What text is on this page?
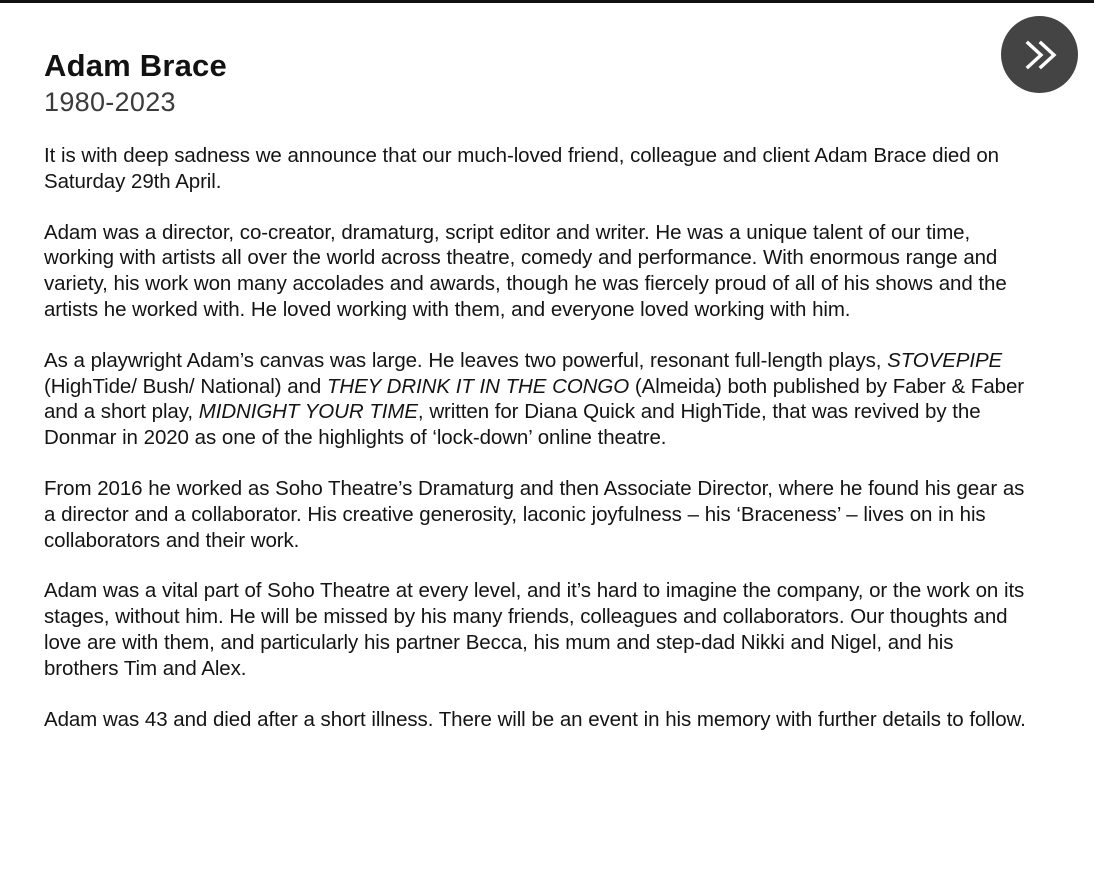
Adam Brace
1980-2023

It is with deep sadness we announce that our much-loved friend, colleague and client Adam Brace died on Saturday 29th April.

Adam was a director, co-creator, dramaturg, script editor and writer. He was a unique talent of our time, working with artists all over the world across theatre, comedy and performance. With enormous range and variety, his work won many accolades and awards, though he was fiercely proud of all of his shows and the artists he worked with. He loved working with them, and everyone loved working with him.

As a playwright Adam’s canvas was large. He leaves two powerful, resonant full-length plays, STOVEPIPE (HighTide/ Bush/ National) and THEY DRINK IT IN THE CONGO (Almeida) both published by Faber & Faber and a short play, MIDNIGHT YOUR TIME, written for Diana Quick and HighTide, that was revived by the Donmar in 2020 as one of the highlights of ‘lock-down’ online theatre.

From 2016 he worked as Soho Theatre’s Dramaturg and then Associate Director, where he found his gear as a director and a collaborator. His creative generosity, laconic joyfulness – his ‘Braceness’ – lives on in his collaborators and their work.

Adam was a vital part of Soho Theatre at every level, and it’s hard to imagine the company, or the work on its stages, without him. He will be missed by his many friends, colleagues and collaborators. Our thoughts and love are with them, and particularly his partner Becca, his mum and step-dad Nikki and Nigel, and his brothers Tim and Alex.

Adam was 43 and died after a short illness. There will be an event in his memory with further details to follow.
